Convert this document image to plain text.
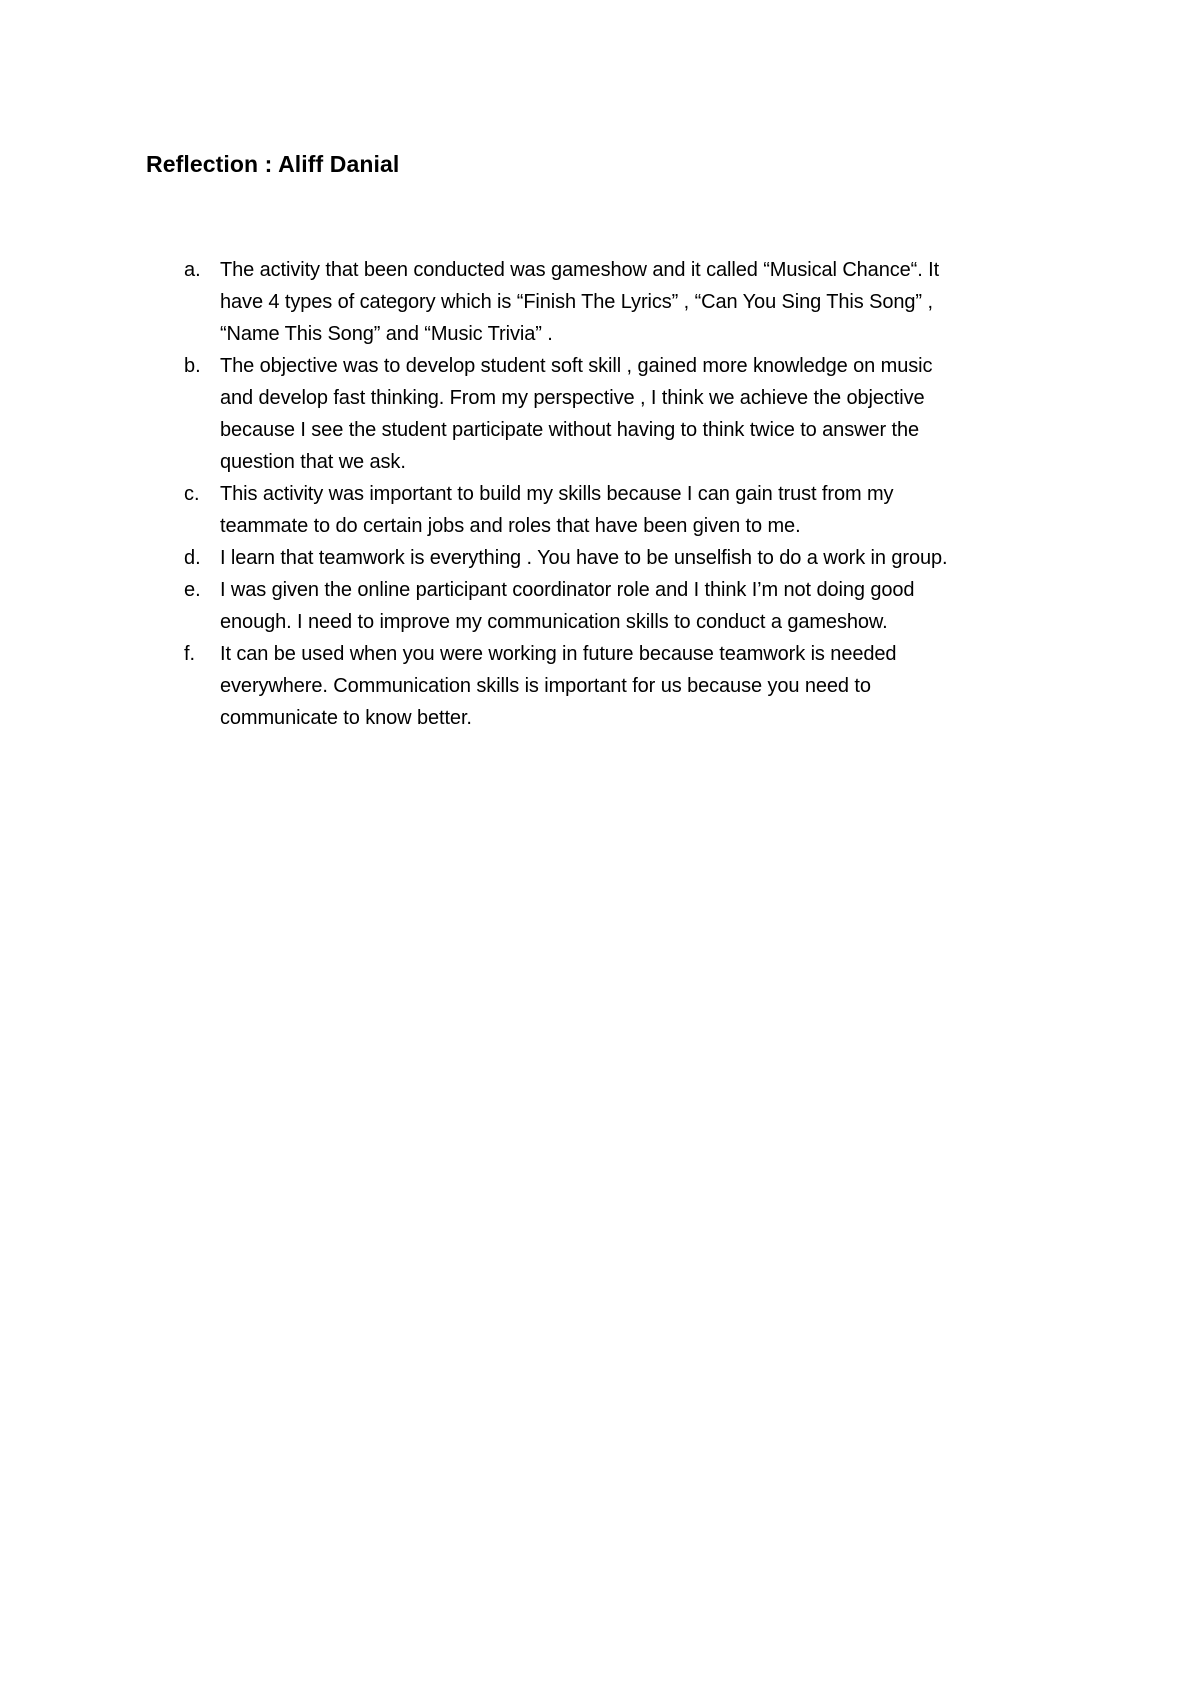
Reflection : Aliff Danial
a. The activity that been conducted was gameshow and it called “Musical Chance“. It
have 4 types of category which is “Finish The Lyrics” , “Can You Sing This Song” ,
“Name This Song” and “Music Trivia” .
b. The objective was to develop student soft skill , gained more knowledge on music
and develop fast thinking. From my perspective , I think we achieve the objective
because I see the student participate without having to think twice to answer the
question that we ask.
c. This activity was important to build my skills because I can gain trust from my
teammate to do certain jobs and roles that have been given to me.
d. I learn that teamwork is everything . You have to be unselfish to do a work in group.
e. I was given the online participant coordinator role and I think I’m not doing good
enough. I need to improve my communication skills to conduct a gameshow.
f. It can be used when you were working in future because teamwork is needed
everywhere. Communication skills is important for us because you need to
communicate to know better.
